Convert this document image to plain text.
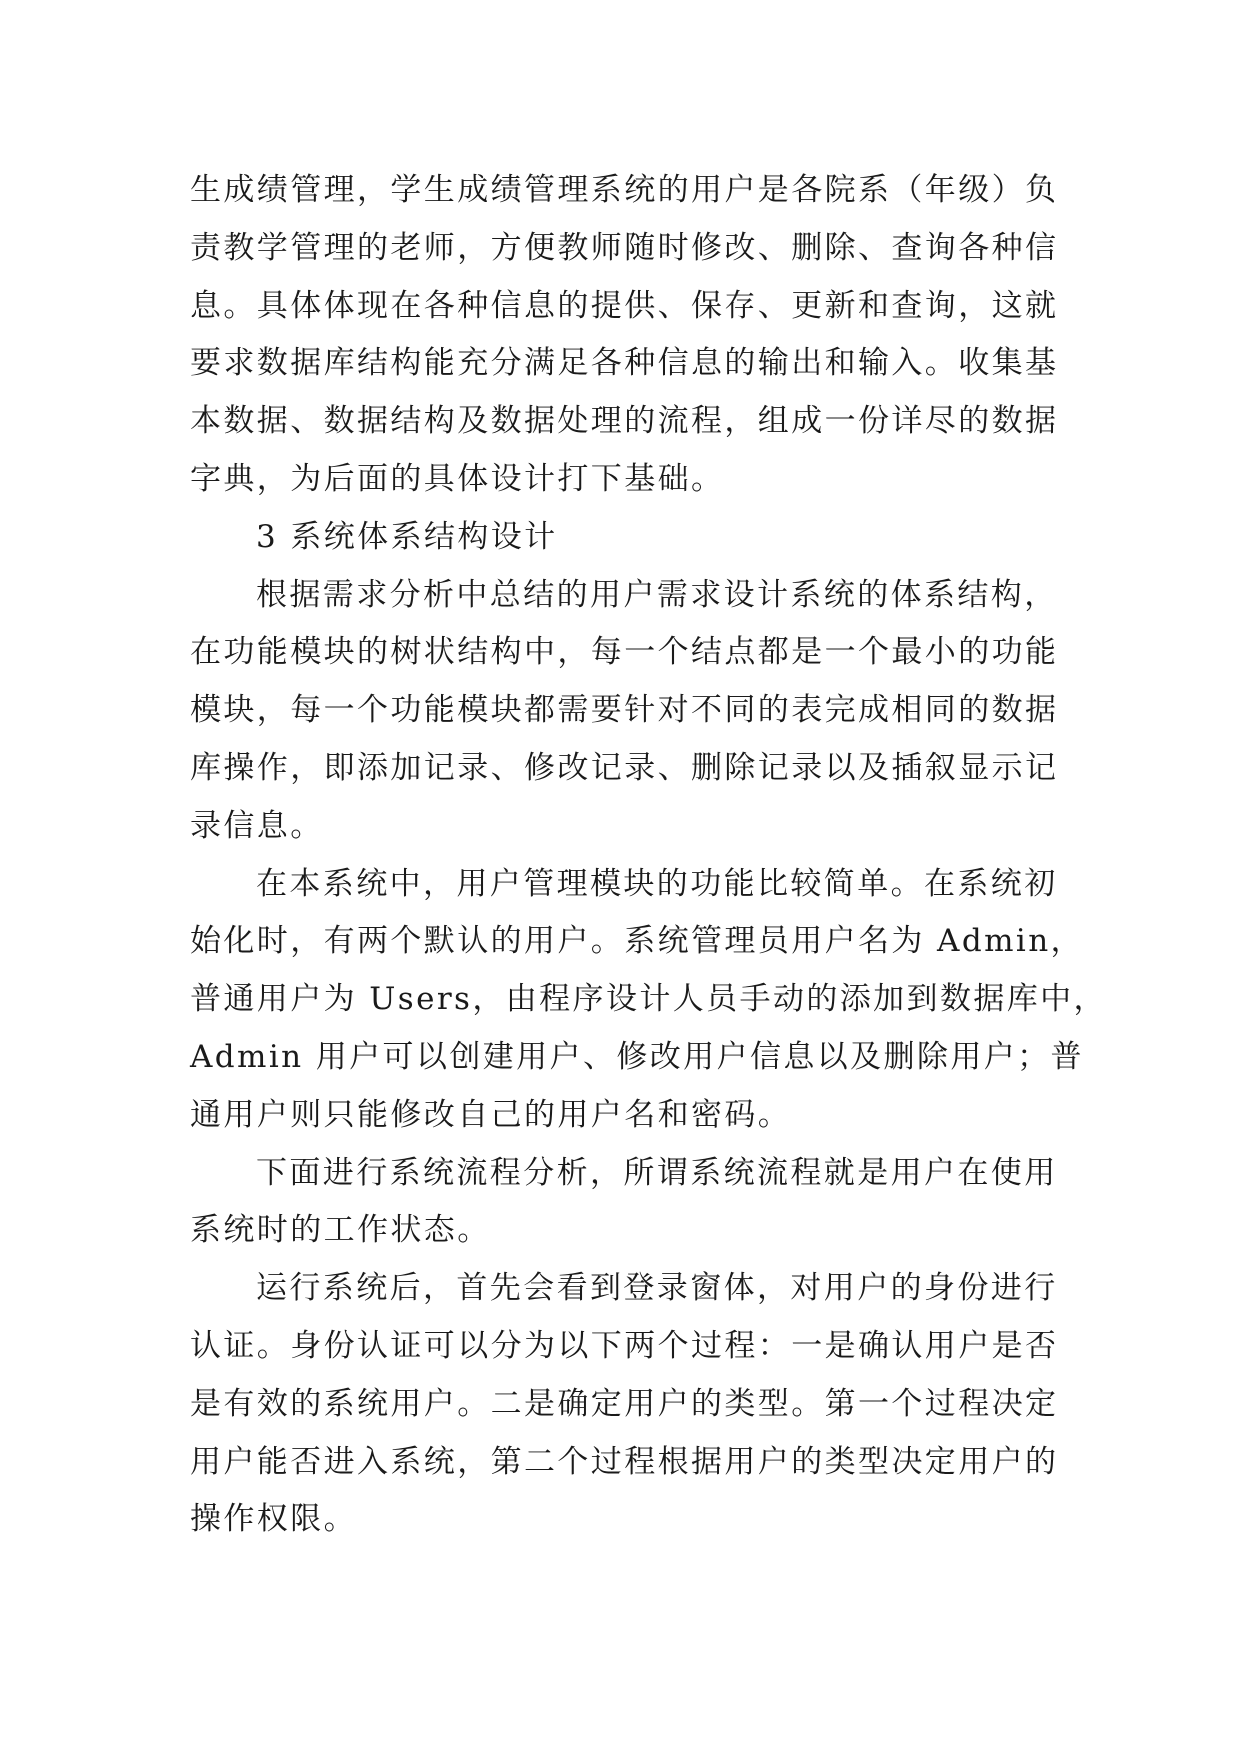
生成绩管理，学生成绩管理系统的用户是各院系（年级）负
责教学管理的老师，方便教师随时修改、删除、查询各种信
息。具体体现在各种信息的提供、保存、更新和查询，这就
要求数据库结构能充分满足各种信息的输出和输入。收集基
本数据、数据结构及数据处理的流程，组成一份详尽的数据
字典，为后面的具体设计打下基础。
3 系统体系结构设计
根据需求分析中总结的用户需求设计系统的体系结构，
在功能模块的树状结构中，每一个结点都是一个最小的功能
模块，每一个功能模块都需要针对不同的表完成相同的数据
库操作，即添加记录、修改记录、删除记录以及插叙显示记
录信息。
在本系统中，用户管理模块的功能比较简单。在系统初
始化时，有两个默认的用户。系统管理员用户名为 Admin，
普通用户为 Users，由程序设计人员手动的添加到数据库中，
Admin 用户可以创建用户、修改用户信息以及删除用户；普
通用户则只能修改自己的用户名和密码。
下面进行系统流程分析，所谓系统流程就是用户在使用
系统时的工作状态。
运行系统后，首先会看到登录窗体，对用户的身份进行
认证。身份认证可以分为以下两个过程：一是确认用户是否
是有效的系统用户。二是确定用户的类型。第一个过程决定
用户能否进入系统，第二个过程根据用户的类型决定用户的
操作权限。
